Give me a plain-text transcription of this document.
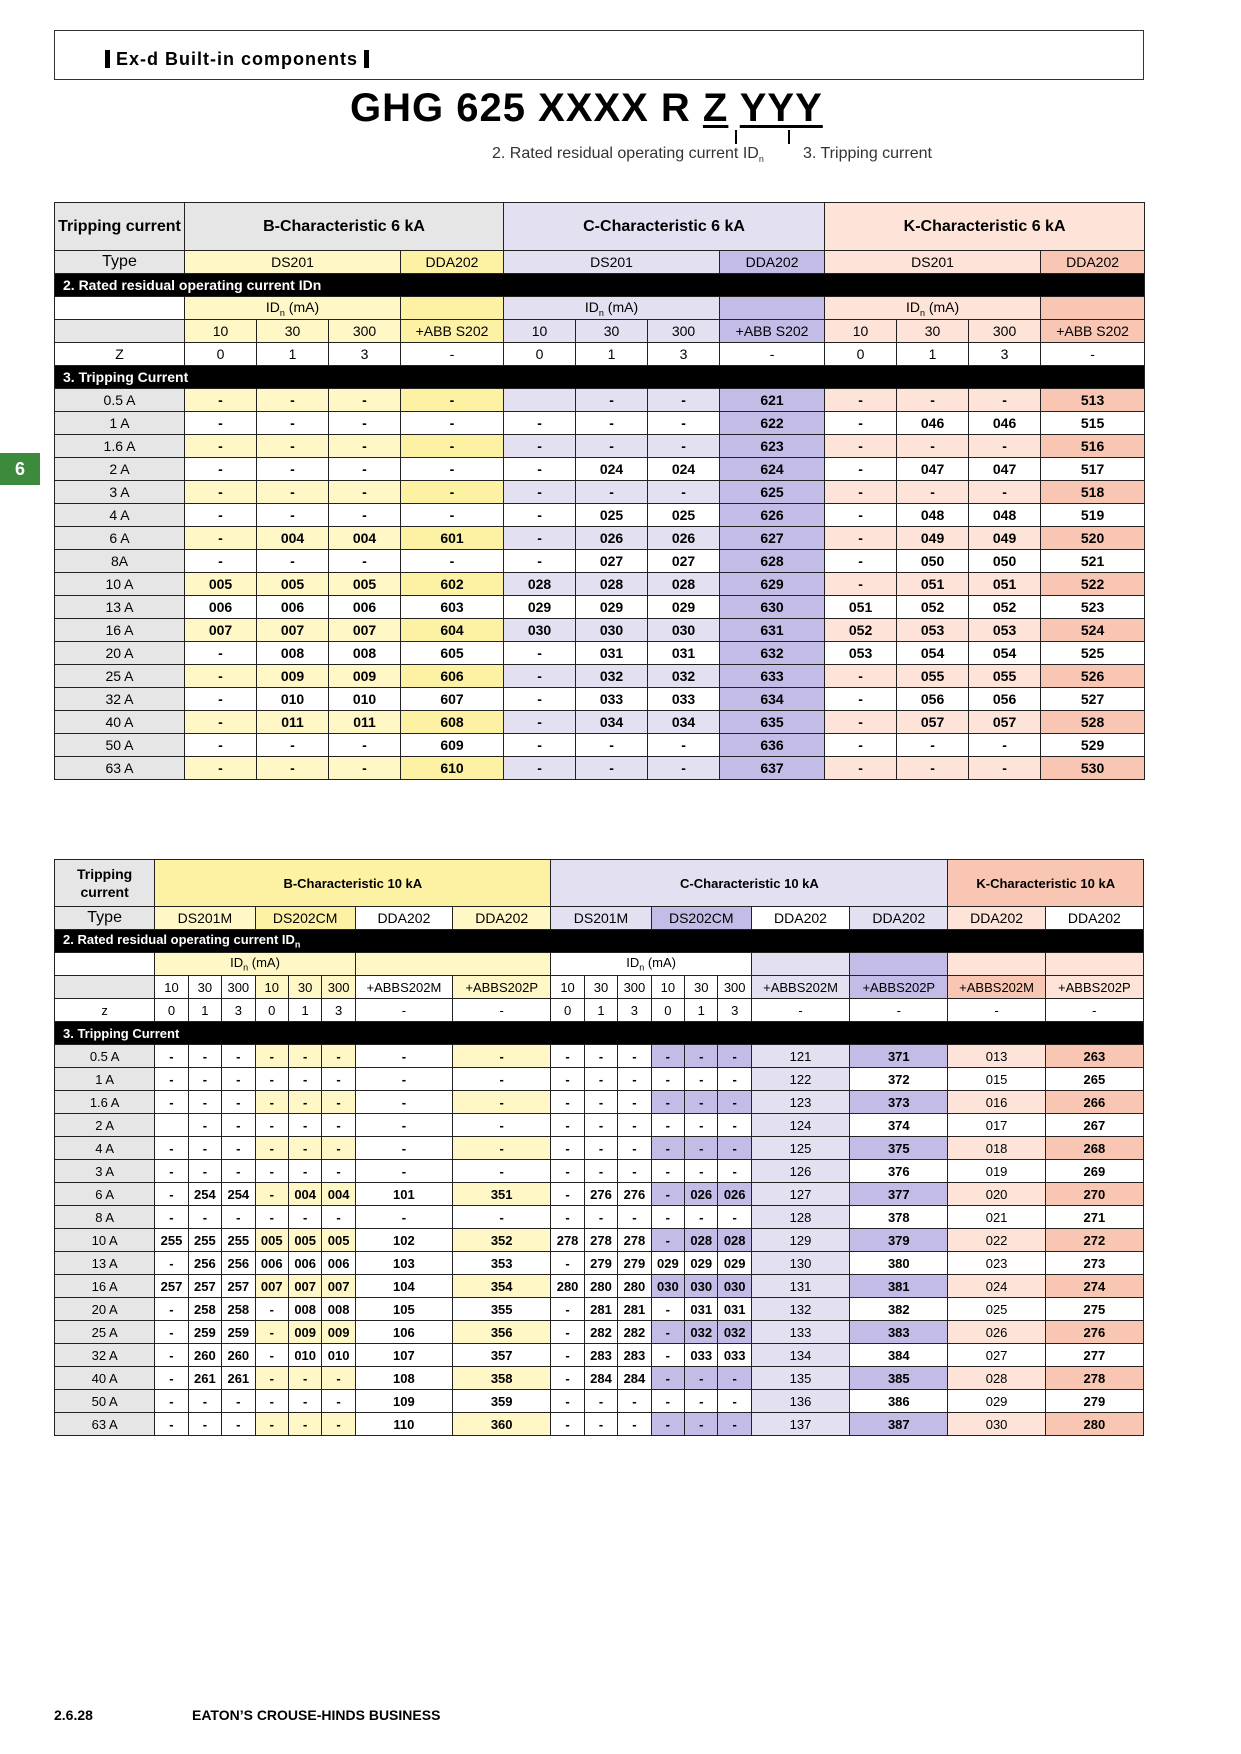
Ex-d Built-in components
GHG 625 XXXX R Z YYY
2. Rated residual operating current $ID_n$ 3. Tripping current
6
Tripping current	B-Characteristic 6 kA				C-Characteristic 6 kA				K-Characteristic 6 kA			
Type	DS201			DDA202	DS201			DDA202	DS201			DDA202
2. Rated residual operating current IDn												
	$ID_n$ (mA)				$ID_n$ (mA)				$ID_n$ (mA)			
	10	30	300	+ABB S202	10	30	300	+ABB S202	10	30	300	+ABB S202
Z	0	1	3	-	0	1	3	-	0	1	3	-
3. Tripping Current												
0.5 A	-	-	-	-		-	-	621	-	-	-	513
1 A	-	-	-	-	-	-	-	622	-	046	046	515
1.6 A	-	-	-	-	-	-	-	623	-	-	-	516
2 A	-	-	-	-	-	024	024	624	-	047	047	517
3 A	-	-	-	-	-	-	-	625	-	-	-	518
4 A	-	-	-	-	-	025	025	626	-	048	048	519
6 A	-	004	004	601	-	026	026	627	-	049	049	520
8A	-	-	-	-	-	027	027	628	-	050	050	521
10 A	005	005	005	602	028	028	028	629	-	051	051	522
13 A	006	006	006	603	029	029	029	630	051	052	052	523
16 A	007	007	007	604	030	030	030	631	052	053	053	524
20 A	-	008	008	605	-	031	031	632	053	054	054	525
25 A	-	009	009	606	-	032	032	633	-	055	055	526
32 A	-	010	010	607	-	033	033	634	-	056	056	527
40 A	-	011	011	608	-	034	034	635	-	057	057	528
50 A	-	-	-	609	-	-	-	636	-	-	-	529
63 A	-	-	-	610	-	-	-	637	-	-	-	530
Tripping current	B-Characteristic 10 kA								C-Characteristic 10 kA								K-Characteristic 10 kA	
Type	DS201M			DS202CM			DDA202	DDA202	DS201M			DS202CM			DDA202	DDA202	DDA202	DDA202
2. Rated residual operating current $ID_n$
	$ID_n$ (mA)								$ID_n$ (mA)									
	10	30	300	10	30	300	+ABBS202M	+ABBS202P	10	30	300	10	30	300	+ABBS202M	+ABBS202P	+ABBS202M	+ABBS202P
z	0	1	3	0	1	3	-	-	0	1	3	0	1	3	-	-	-	-
3. Tripping Current																		
0.5 A	-	-	-	-	-	-	-	-	-	-	-	-	-	-	121	371	013	263
1 A	-	-	-	-	-	-	-	-	-	-	-	-	-	-	122	372	015	265
1.6 A	-	-	-	-	-	-	-	-	-	-	-	-	-	-	123	373	016	266
2 A		-	-	-	-	-	-	-	-	-	-	-	-	-	124	374	017	267
4 A	-	-	-	-	-	-	-	-	-	-	-	-	-	-	125	375	018	268
3 A	-	-	-	-	-	-	-	-	-	-	-	-	-	-	126	376	019	269
6 A	-	254	254	-	004	004	101	351	-	276	276	-	026	026	127	377	020	270
8 A	-	-	-	-	-	-	-	-	-	-	-	-	-	-	128	378	021	271
10 A	255	255	255	005	005	005	102	352	278	278	278	-	028	028	129	379	022	272
13 A	-	256	256	006	006	006	103	353	-	279	279	029	029	029	130	380	023	273
16 A	257	257	257	007	007	007	104	354	280	280	280	030	030	030	131	381	024	274
20 A	-	258	258	-	008	008	105	355	-	281	281	-	031	031	132	382	025	275
25 A	-	259	259	-	009	009	106	356	-	282	282	-	032	032	133	383	026	276
32 A	-	260	260	-	010	010	107	357	-	283	283	-	033	033	134	384	027	277
40 A	-	261	261	-	-	-	108	358	-	284	284	-	-	-	135	385	028	278
50 A	-	-	-	-	-	-	109	359	-	-	-	-	-	-	136	386	029	279
63 A	-	-	-	-	-	-	110	360	-	-	-	-	-	-	137	387	030	280
2.6.28	EATON’S CROUSE-HINDS BUSINESS
